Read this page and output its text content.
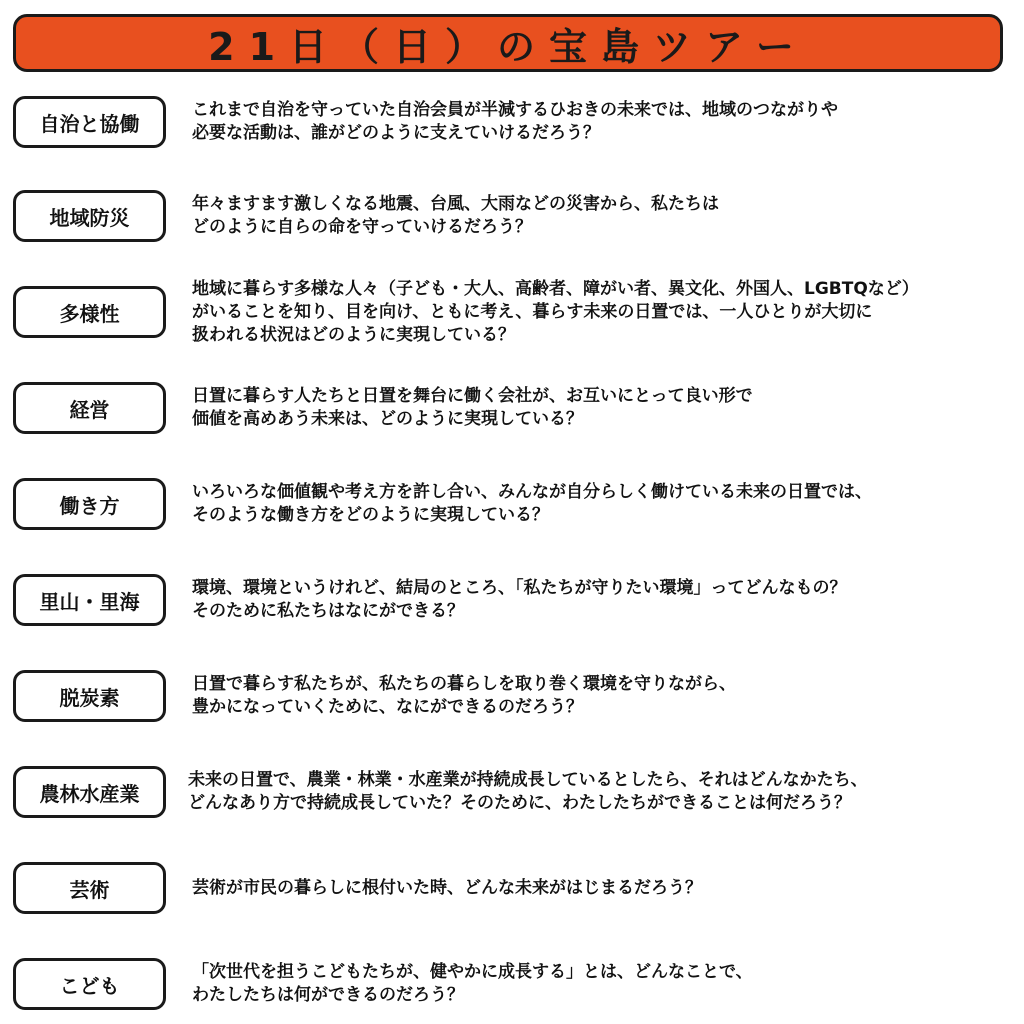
21日（日）の宝島ツアー
自治と協働
これまで自治を守っていた自治会員が半減するひおきの未来では、地域のつながりや
必要な活動は、誰がどのように支えていけるだろう？
地域防災
年々ますます激しくなる地震、台風、大雨などの災害から、私たちは
どのように自らの命を守っていけるだろう？
多様性
地域に暮らす多様な人々（子ども・大人、高齢者、障がい者、異文化、外国人、LGBTQなど）
がいることを知り、目を向け、ともに考え、暮らす未来の日置では、一人ひとりが大切に
扱われる状況はどのように実現している？
経営
日置に暮らす人たちと日置を舞台に働く会社が、お互いにとって良い形で
価値を高めあう未来は、どのように実現している？
働き方
いろいろな価値観や考え方を許し合い、みんなが自分らしく働けている未来の日置では、
そのような働き方をどのように実現している？
里山・里海
環境、環境というけれど、結局のところ、「私たちが守りたい環境」ってどんなもの？
そのために私たちはなにができる？
脱炭素
日置で暮らす私たちが、私たちの暮らしを取り巻く環境を守りながら、
豊かになっていくために、なにができるのだろう？
農林水産業
未来の日置で、農業・林業・水産業が持続成長しているとしたら、それはどんなかたち、
どんなあり方で持続成長していた？そのために、わたしたちができることは何だろう？
芸術	芸術が市民の暮らしに根付いた時、どんな未来がはじまるだろう？
こども
「次世代を担うこどもたちが、健やかに成長する」とは、どんなことで、
わたしたちは何ができるのだろう？
